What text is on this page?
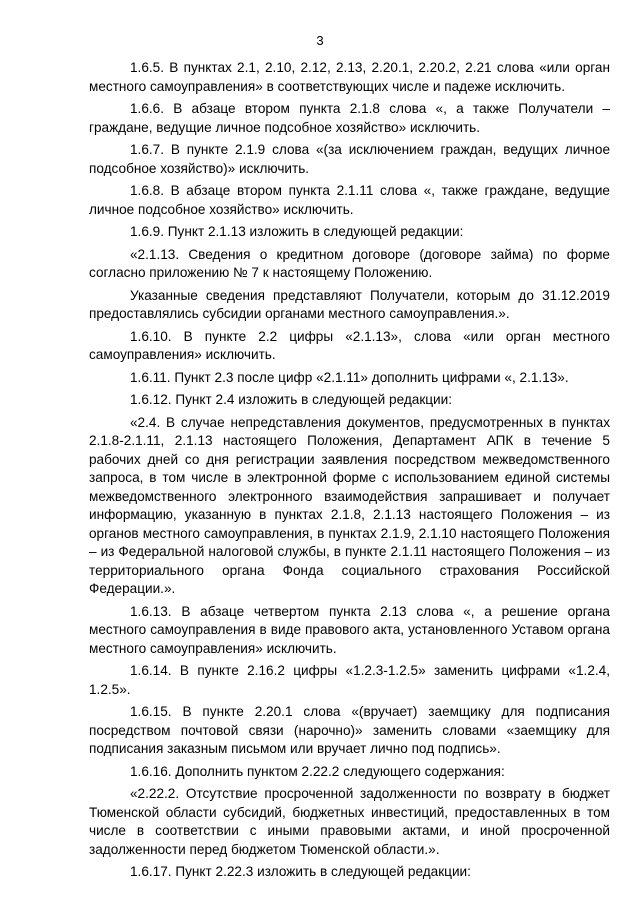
3

1.6.5. В пунктах 2.1, 2.10, 2.12, 2.13, 2.20.1, 2.20.2, 2.21 слова «или орган местного самоуправления» в соответствующих числе и падеже исключить.

1.6.6. В абзаце втором пункта 2.1.8 слова «, а также Получатели – граждане, ведущие личное подсобное хозяйство» исключить.

1.6.7. В пункте 2.1.9 слова «(за исключением граждан, ведущих личное подсобное хозяйство)» исключить.

1.6.8. В абзаце втором пункта 2.1.11 слова «, также граждане, ведущие личное подсобное хозяйство» исключить.

1.6.9. Пункт 2.1.13 изложить в следующей редакции:

«2.1.13. Сведения о кредитном договоре (договоре займа) по форме согласно приложению № 7 к настоящему Положению.

Указанные сведения представляют Получатели, которым до 31.12.2019 предоставлялись субсидии органами местного самоуправления.».

1.6.10. В пункте 2.2 цифры «2.1.13», слова «или орган местного самоуправления» исключить.

1.6.11. Пункт 2.3 после цифр «2.1.11» дополнить цифрами «, 2.1.13».

1.6.12. Пункт 2.4 изложить в следующей редакции:

«2.4. В случае непредставления документов, предусмотренных в пунктах 2.1.8-2.1.11, 2.1.13 настоящего Положения, Департамент АПК в течение 5 рабочих дней со дня регистрации заявления посредством межведомственного запроса, в том числе в электронной форме с использованием единой системы межведомственного электронного взаимодействия запрашивает и получает информацию, указанную в пунктах 2.1.8, 2.1.13 настоящего Положения – из органов местного самоуправления, в пунктах 2.1.9, 2.1.10 настоящего Положения – из Федеральной налоговой службы, в пункте 2.1.11 настоящего Положения – из территориального органа Фонда социального страхования Российской Федерации.».

1.6.13. В абзаце четвертом пункта 2.13 слова «, а решение органа местного самоуправления в виде правового акта, установленного Уставом органа местного самоуправления» исключить.

1.6.14. В пункте 2.16.2 цифры «1.2.3-1.2.5» заменить цифрами «1.2.4, 1.2.5».

1.6.15. В пункте 2.20.1 слова «(вручает) заемщику для подписания посредством почтовой связи (нарочно)» заменить словами «заемщику для подписания заказным письмом или вручает лично под подпись».

1.6.16. Дополнить пунктом 2.22.2 следующего содержания:

«2.22.2. Отсутствие просроченной задолженности по возврату в бюджет Тюменской области субсидий, бюджетных инвестиций, предоставленных в том числе в соответствии с иными правовыми актами, и иной просроченной задолженности перед бюджетом Тюменской области.».

1.6.17. Пункт 2.22.3 изложить в следующей редакции:
